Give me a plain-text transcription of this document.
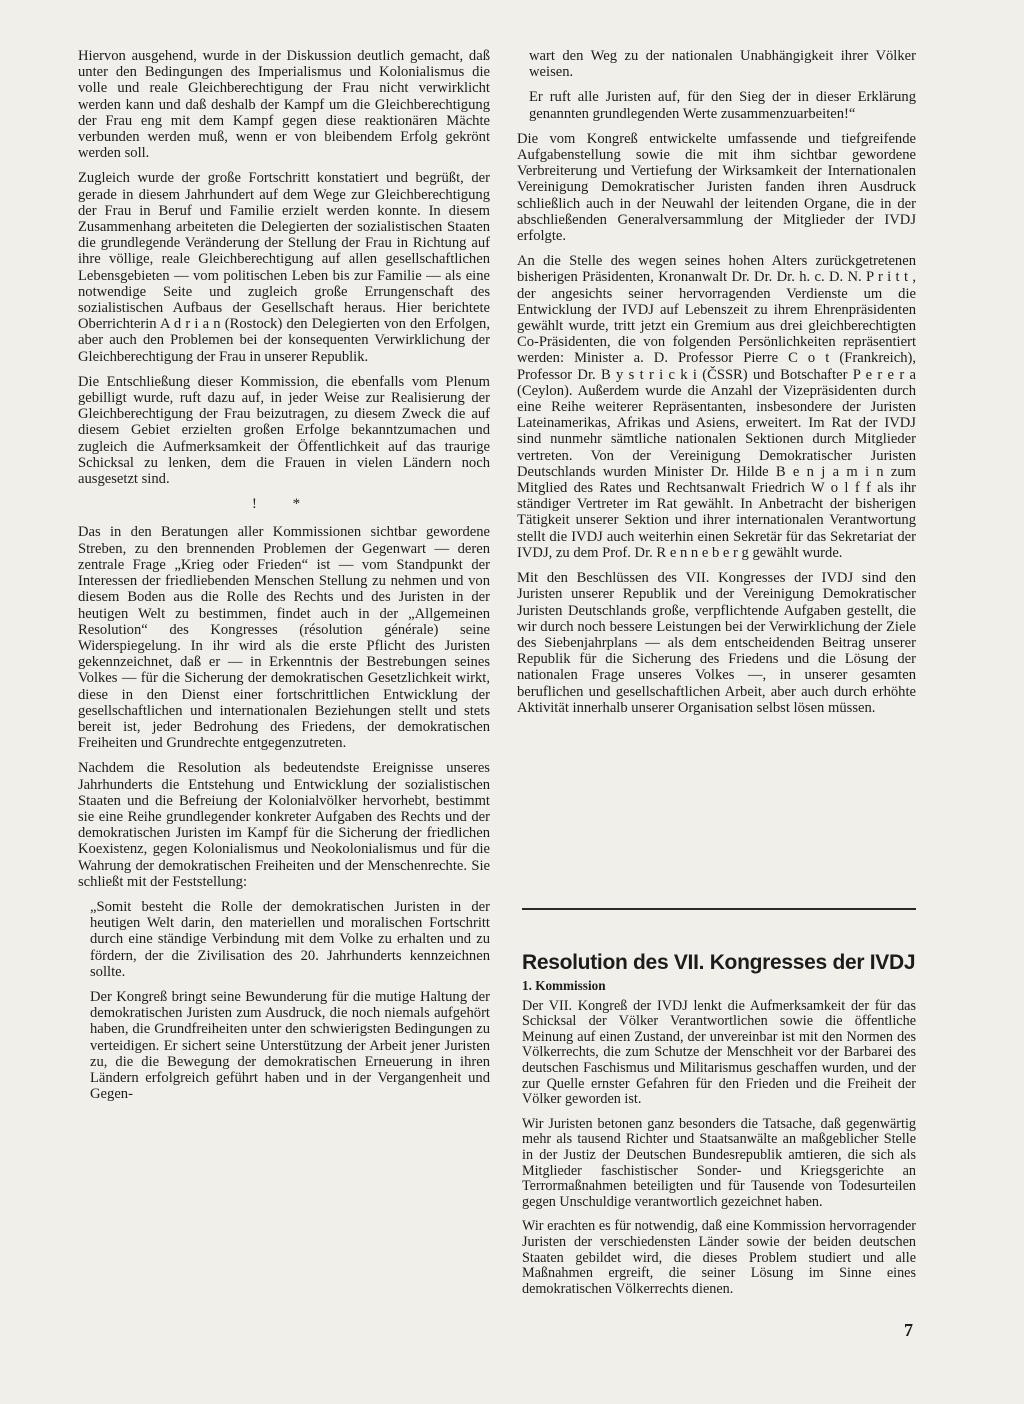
Hiervon ausgehend, wurde in der Diskussion deutlich gemacht, daß unter den Bedingungen des Imperialismus und Kolonialismus die volle und reale Gleichberechtigung der Frau nicht verwirklicht werden kann und daß deshalb der Kampf um die Gleichberechtigung der Frau eng mit dem Kampf gegen diese reaktionären Mächte verbunden werden muß, wenn er von bleibendem Erfolg gekrönt werden soll.

Zugleich wurde der große Fortschritt konstatiert und begrüßt, der gerade in diesem Jahrhundert auf dem Wege zur Gleichberechtigung der Frau in Beruf und Familie erzielt werden konnte. In diesem Zusammenhang arbeiteten die Delegierten der sozialistischen Staaten die grundlegende Veränderung der Stellung der Frau in Richtung auf ihre völlige, reale Gleichberechtigung auf allen gesellschaftlichen Lebensgebieten — vom politischen Leben bis zur Familie — als eine notwendige Seite und zugleich große Errungenschaft des sozialistischen Aufbaus der Gesellschaft heraus. Hier berichtete Oberrichterin A d r i a n (Rostock) den Delegierten von den Erfolgen, aber auch den Problemen bei der konsequenten Verwirklichung der Gleichberechtigung der Frau in unserer Republik.

Die Entschließung dieser Kommission, die ebenfalls vom Plenum gebilligt wurde, ruft dazu auf, in jeder Weise zur Realisierung der Gleichberechtigung der Frau beizutragen, zu diesem Zweck die auf diesem Gebiet erzielten großen Erfolge bekanntzumachen und zugleich die Aufmerksamkeit der Öffentlichkeit auf das traurige Schicksal zu lenken, dem die Frauen in vielen Ländern noch ausgesetzt sind.

! *

Das in den Beratungen aller Kommissionen sichtbar gewordene Streben, zu den brennenden Problemen der Gegenwart — deren zentrale Frage „Krieg oder Frieden“ ist — vom Standpunkt der Interessen der friedliebenden Menschen Stellung zu nehmen und von diesem Boden aus die Rolle des Rechts und des Juristen in der heutigen Welt zu bestimmen, findet auch in der „Allgemeinen Resolution“ des Kongresses (résolution générale) seine Widerspiegelung. In ihr wird als die erste Pflicht des Juristen gekennzeichnet, daß er — in Erkenntnis der Bestrebungen seines Volkes — für die Sicherung der demokratischen Gesetzlichkeit wirkt, diese in den Dienst einer fortschrittlichen Entwicklung der gesellschaftlichen und internationalen Beziehungen stellt und stets bereit ist, jeder Bedrohung des Friedens, der demokratischen Freiheiten und Grundrechte entgegenzutreten.

Nachdem die Resolution als bedeutendste Ereignisse unseres Jahrhunderts die Entstehung und Entwicklung der sozialistischen Staaten und die Befreiung der Kolonialvölker hervorhebt, bestimmt sie eine Reihe grundlegender konkreter Aufgaben des Rechts und der demokratischen Juristen im Kampf für die Sicherung der friedlichen Koexistenz, gegen Kolonialismus und Neokolonialismus und für die Wahrung der demokratischen Freiheiten und der Menschenrechte. Sie schließt mit der Feststellung:

„Somit besteht die Rolle der demokratischen Juristen in der heutigen Welt darin, den materiellen und moralischen Fortschritt durch eine ständige Verbindung mit dem Volke zu erhalten und zu fördern, der die Zivilisation des 20. Jahrhunderts kennzeichnen sollte.

Der Kongreß bringt seine Bewunderung für die mutige Haltung der demokratischen Juristen zum Ausdruck, die noch niemals aufgehört haben, die Grundfreiheiten unter den schwierigsten Bedingungen zu verteidigen. Er sichert seine Unterstützung der Arbeit jener Juristen zu, die die Bewegung der demokratischen Erneuerung in ihren Ländern erfolgreich geführt haben und in der Vergangenheit und Gegen-

wart den Weg zu der nationalen Unabhängigkeit ihrer Völker weisen.

Er ruft alle Juristen auf, für den Sieg der in dieser Erklärung genannten grundlegenden Werte zusammenzuarbeiten!“

Die vom Kongreß entwickelte umfassende und tiefgreifende Aufgabenstellung sowie die mit ihm sichtbar gewordene Verbreiterung und Vertiefung der Wirksamkeit der Internationalen Vereinigung Demokratischer Juristen fanden ihren Ausdruck schließlich auch in der Neuwahl der leitenden Organe, die in der abschließenden Generalversammlung der Mitglieder der IVDJ erfolgte.

An die Stelle des wegen seines hohen Alters zurückgetretenen bisherigen Präsidenten, Kronanwalt Dr. Dr. Dr. h. c. D. N. P r i t t , der angesichts seiner hervorragenden Verdienste um die Entwicklung der IVDJ auf Lebenszeit zu ihrem Ehrenpräsidenten gewählt wurde, tritt jetzt ein Gremium aus drei gleichberechtigten Co-Präsidenten, die von folgenden Persönlichkeiten repräsentiert werden: Minister a. D. Professor Pierre C o t (Frankreich), Professor Dr. B y s t r i c k i (ČSSR) und Botschafter P e r e r a (Ceylon). Außerdem wurde die Anzahl der Vizepräsidenten durch eine Reihe weiterer Repräsentanten, insbesondere der Juristen Lateinamerikas, Afrikas und Asiens, erweitert. Im Rat der IVDJ sind nunmehr sämtliche nationalen Sektionen durch Mitglieder vertreten. Von der Vereinigung Demokratischer Juristen Deutschlands wurden Minister Dr. Hilde B e n j a m i n zum Mitglied des Rates und Rechtsanwalt Friedrich W o l f f als ihr ständiger Vertreter im Rat gewählt. In Anbetracht der bisherigen Tätigkeit unserer Sektion und ihrer internationalen Verantwortung stellt die IVDJ auch weiterhin einen Sekretär für das Sekretariat der IVDJ, zu dem Prof. Dr. R e n n e b e r g gewählt wurde.

Mit den Beschlüssen des VII. Kongresses der IVDJ sind den Juristen unserer Republik und der Vereinigung Demokratischer Juristen Deutschlands große, verpflichtende Aufgaben gestellt, die wir durch noch bessere Leistungen bei der Verwirklichung der Ziele des Siebenjahrplans — als dem entscheidenden Beitrag unserer Republik für die Sicherung des Friedens und die Lösung der nationalen Frage unseres Volkes —, in unserer gesamten beruflichen und gesellschaftlichen Arbeit, aber auch durch erhöhte Aktivität innerhalb unserer Organisation selbst lösen müssen.

Resolution des VII. Kongresses der IVDJ

1. Kommission

Der VII. Kongreß der IVDJ lenkt die Aufmerksamkeit der für das Schicksal der Völker Verantwortlichen sowie die öffentliche Meinung auf einen Zustand, der unvereinbar ist mit den Normen des Völkerrechts, die zum Schutze der Menschheit vor der Barbarei des deutschen Faschismus und Militarismus geschaffen wurden, und der zur Quelle ernster Gefahren für den Frieden und die Freiheit der Völker geworden ist.

Wir Juristen betonen ganz besonders die Tatsache, daß gegenwärtig mehr als tausend Richter und Staatsanwälte an maßgeblicher Stelle in der Justiz der Deutschen Bundesrepublik amtieren, die sich als Mitglieder faschistischer Sonder- und Kriegsgerichte an Terrormaßnahmen beteiligten und für Tausende von Todesurteilen gegen Unschuldige verantwortlich gezeichnet haben.

Wir erachten es für notwendig, daß eine Kommission hervorragender Juristen der verschiedensten Länder sowie der beiden deutschen Staaten gebildet wird, die dieses Problem studiert und alle Maßnahmen ergreift, die seiner Lösung im Sinne eines demokratischen Völkerrechts dienen.

7
